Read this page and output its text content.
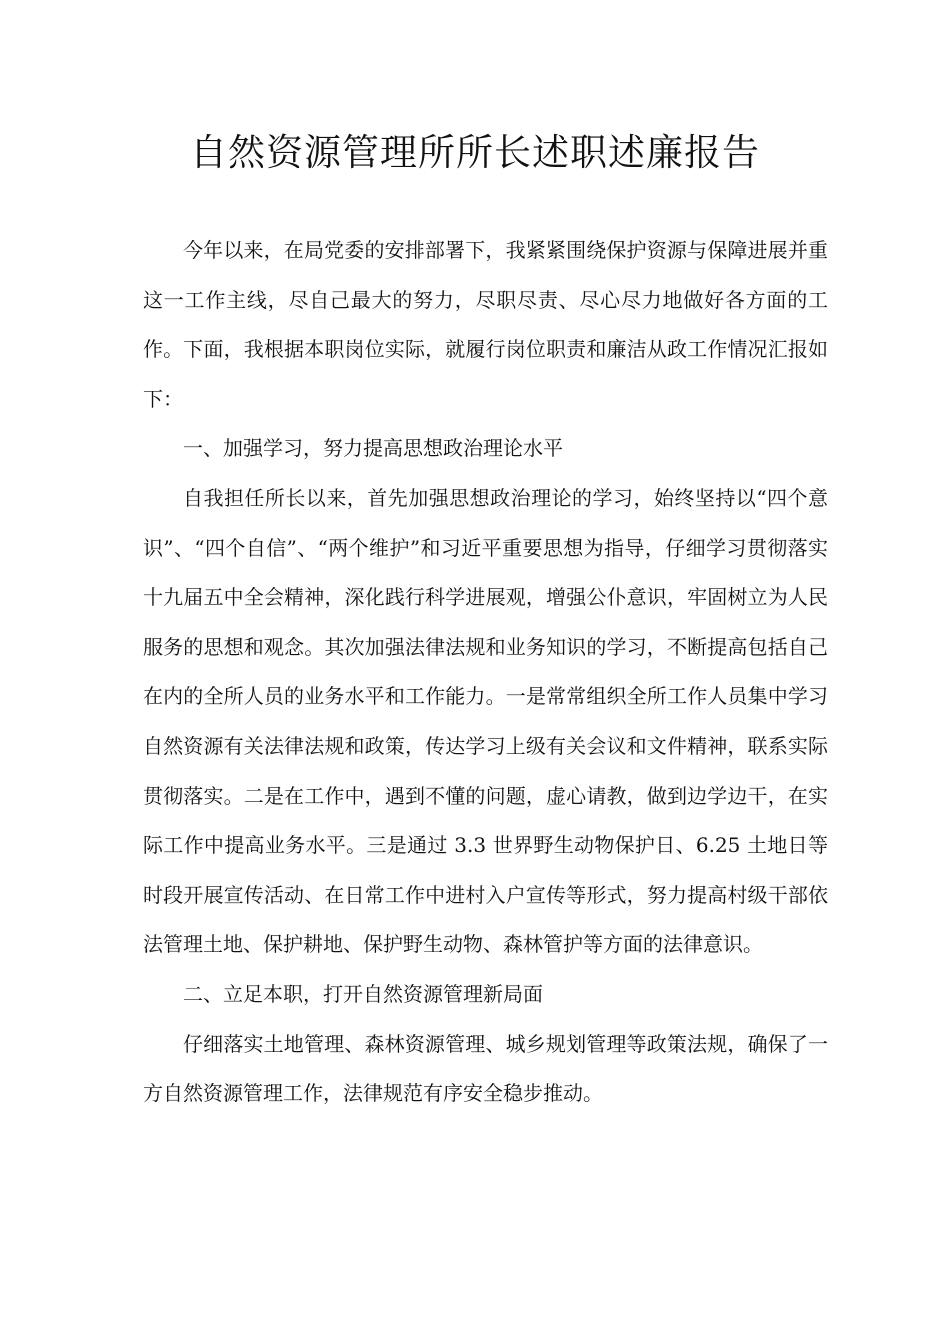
自然资源管理所所长述职述廉报告

今年以来，在局党委的安排部署下，我紧紧围绕保护资源与保障进展并重这一工作主线，尽自己最大的努力，尽职尽责、尽心尽力地做好各方面的工作。下面，我根据本职岗位实际，就履行岗位职责和廉洁从政工作情况汇报如下：

一、加强学习，努力提高思想政治理论水平

自我担任所长以来，首先加强思想政治理论的学习，始终坚持以“四个意识”、“四个自信”、“两个维护”和习近平重要思想为指导，仔细学习贯彻落实十九届五中全会精神，深化践行科学进展观，增强公仆意识，牢固树立为人民服务的思想和观念。其次加强法律法规和业务知识的学习，不断提高包括自己在内的全所人员的业务水平和工作能力。一是常常组织全所工作人员集中学习自然资源有关法律法规和政策，传达学习上级有关会议和文件精神，联系实际贯彻落实。二是在工作中，遇到不懂的问题，虚心请教，做到边学边干，在实际工作中提高业务水平。三是通过 3.3 世界野生动物保护日、6.25 土地日等时段开展宣传活动、在日常工作中进村入户宣传等形式，努力提高村级干部依法管理土地、保护耕地、保护野生动物、森林管护等方面的法律意识。

二、立足本职，打开自然资源管理新局面

仔细落实土地管理、森林资源管理、城乡规划管理等政策法规，确保了一方自然资源管理工作，法律规范有序安全稳步推动。
